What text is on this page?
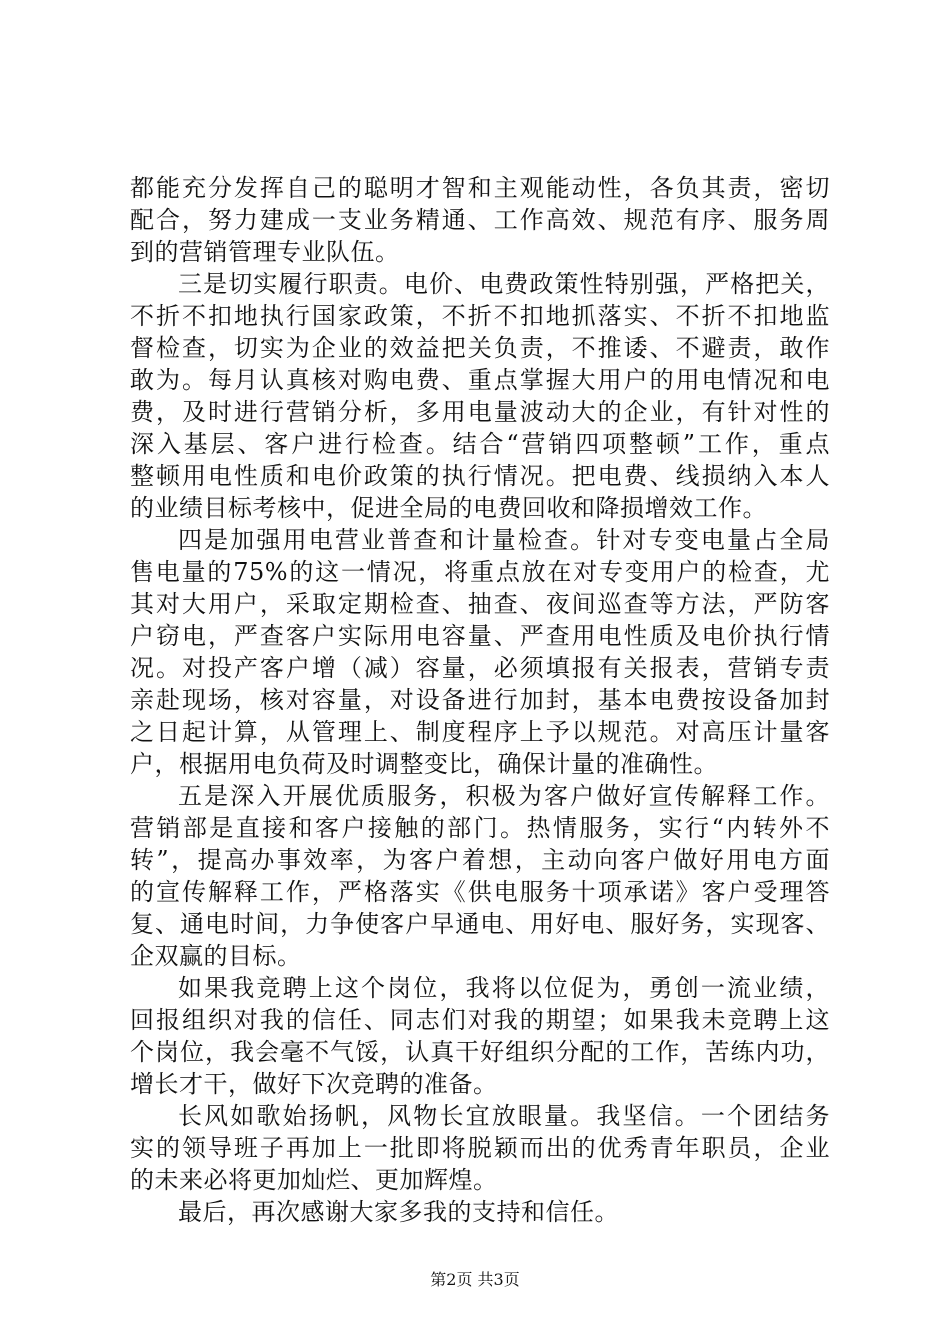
都能充分发挥自己的聪明才智和主观能动性，各负其责，密切
配合，努力建成一支业务精通、工作高效、规范有序、服务周
到的营销管理专业队伍。
三是切实履行职责。电价、电费政策性特别强，严格把关，
不折不扣地执行国家政策，不折不扣地抓落实、不折不扣地监
督检查，切实为企业的效益把关负责，不推诿、不避责，敢作
敢为。每月认真核对购电费、重点掌握大用户的用电情况和电
费，及时进行营销分析，多用电量波动大的企业，有针对性的
深入基层、客户进行检查。结合“营销四项整顿”工作，重点
整顿用电性质和电价政策的执行情况。把电费、线损纳入本人
的业绩目标考核中，促进全局的电费回收和降损增效工作。
四是加强用电营业普查和计量检查。针对专变电量占全局
售电量的75%的这一情况，将重点放在对专变用户的检查，尤
其对大用户，采取定期检查、抽查、夜间巡查等方法，严防客
户窃电，严查客户实际用电容量、严查用电性质及电价执行情
况。对投产客户增（减）容量，必须填报有关报表，营销专责
亲赴现场，核对容量，对设备进行加封，基本电费按设备加封
之日起计算，从管理上、制度程序上予以规范。对高压计量客
户，根据用电负荷及时调整变比，确保计量的准确性。
五是深入开展优质服务，积极为客户做好宣传解释工作。
营销部是直接和客户接触的部门。热情服务，实行“内转外不
转”，提高办事效率，为客户着想，主动向客户做好用电方面
的宣传解释工作，严格落实《供电服务十项承诺》客户受理答
复、通电时间，力争使客户早通电、用好电、服好务，实现客、
企双赢的目标。
如果我竞聘上这个岗位，我将以位促为，勇创一流业绩，
回报组织对我的信任、同志们对我的期望；如果我未竞聘上这
个岗位，我会毫不气馁，认真干好组织分配的工作，苦练内功，
增长才干，做好下次竞聘的准备。
长风如歌始扬帆，风物长宜放眼量。我坚信。一个团结务
实的领导班子再加上一批即将脱颖而出的优秀青年职员，企业
的未来必将更加灿烂、更加辉煌。
最后，再次感谢大家多我的支持和信任。
第2页 共3页
